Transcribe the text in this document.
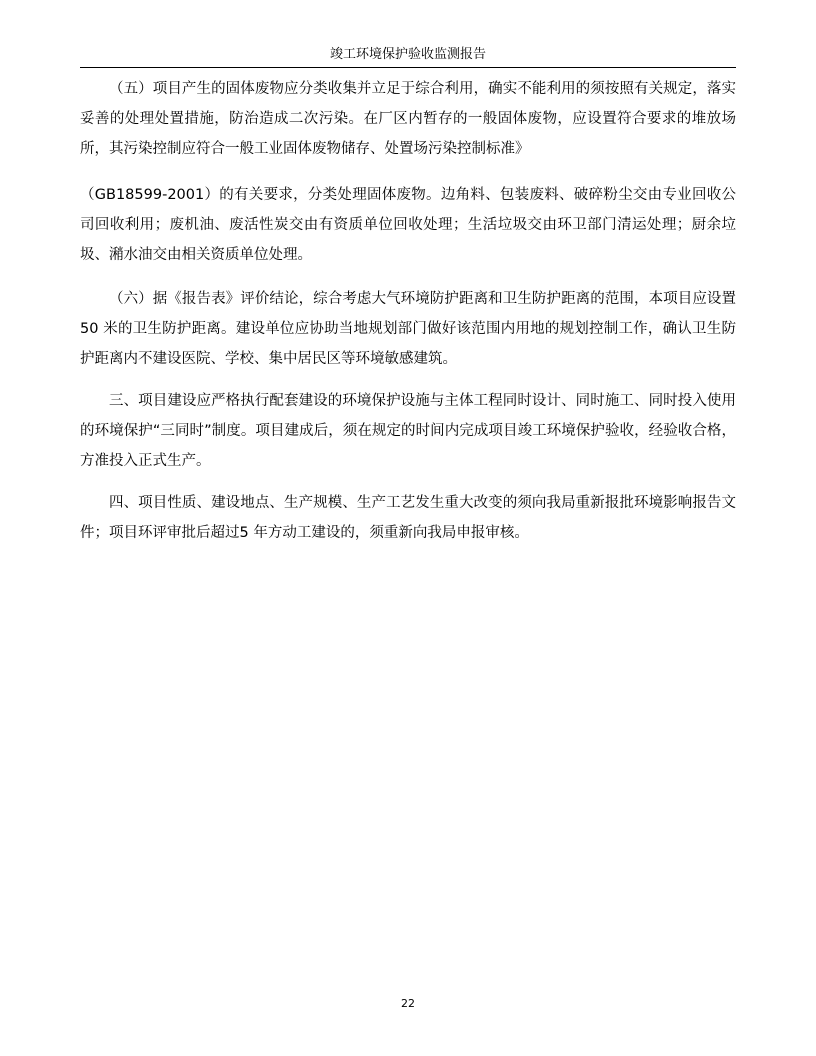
竣工环境保护验收监测报告

（五）项目产生的固体废物应分类收集并立足于综合利用，确实不能利用的须按照有关规定，落实妥善的处理处置措施，防治造成二次污染。在厂区内暂存的一般固体废物，应设置符合要求的堆放场所，其污染控制应符合一般工业固体废物储存、处置场污染控制标准》

（GB18599-2001）的有关要求，分类处理固体废物。边角料、包装废料、破碎粉尘交由专业回收公司回收利用；废机油、废活性炭交由有资质单位回收处理；生活垃圾交由环卫部门清运处理；厨余垃圾、潲水油交由相关资质单位处理。

（六）据《报告表》评价结论，综合考虑大气环境防护距离和卫生防护距离的范围，本项目应设置 50 米的卫生防护距离。建设单位应协助当地规划部门做好该范围内用地的规划控制工作，确认卫生防护距离内不建设医院、学校、集中居民区等环境敏感建筑。

三、项目建设应严格执行配套建设的环境保护设施与主体工程同时设计、同时施工、同时投入使用的环境保护“三同时”制度。项目建成后，须在规定的时间内完成项目竣工环境保护验收，经验收合格，方准投入正式生产。

四、项目性质、建设地点、生产规模、生产工艺发生重大改变的须向我局重新报批环境影响报告文件；项目环评审批后超过5 年方动工建设的，须重新向我局申报审核。

22
